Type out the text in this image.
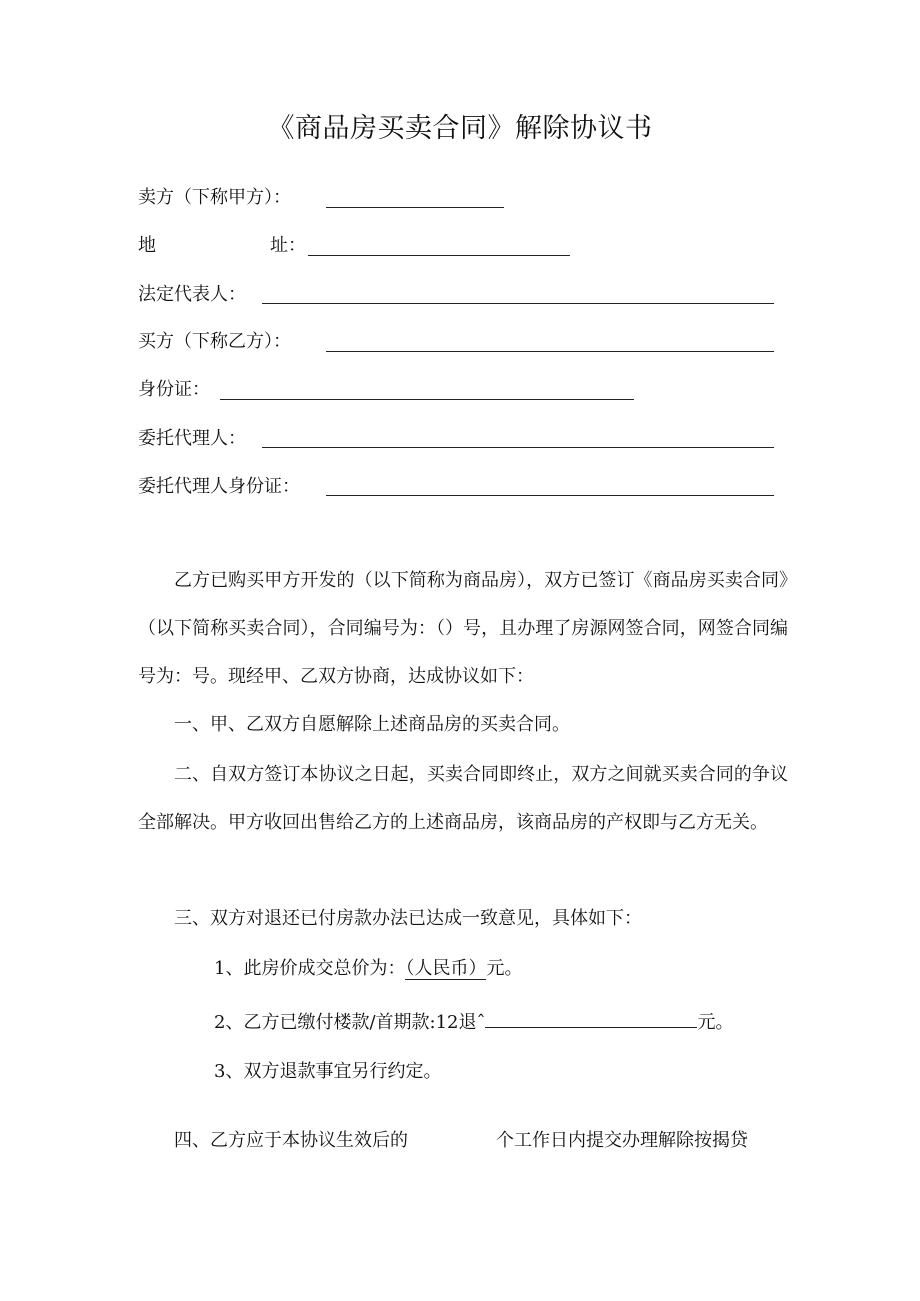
《商品房买卖合同》解除协议书
卖方（下称甲方）：
地	址：
法定代表人：
买方（下称乙方）：
身份证：
委托代理人：
委托代理人身份证：
乙方已购买甲方开发的（以下简称为商品房），双方已签订《商品房买卖合同》（以下简称买卖合同），合同编号为：（）号，且办理了房源网签合同，网签合同编号为：号。现经甲、乙双方协商，达成协议如下：
一、甲、乙双方自愿解除上述商品房的买卖合同。
二、自双方签订本协议之日起，买卖合同即终止，双方之间就买卖合同的争议全部解决。甲方收回出售给乙方的上述商品房，该商品房的产权即与乙方无关。
三、双方对退还已付房款办法已达成一致意见，具体如下：
1、此房价成交总价为：（人民币）元。
2、乙方已缴付楼款/首期款:12退ˆ	元。
3、双方退款事宜另行约定。
四、乙方应于本协议生效后的	个工作日内提交办理解除按揭贷
